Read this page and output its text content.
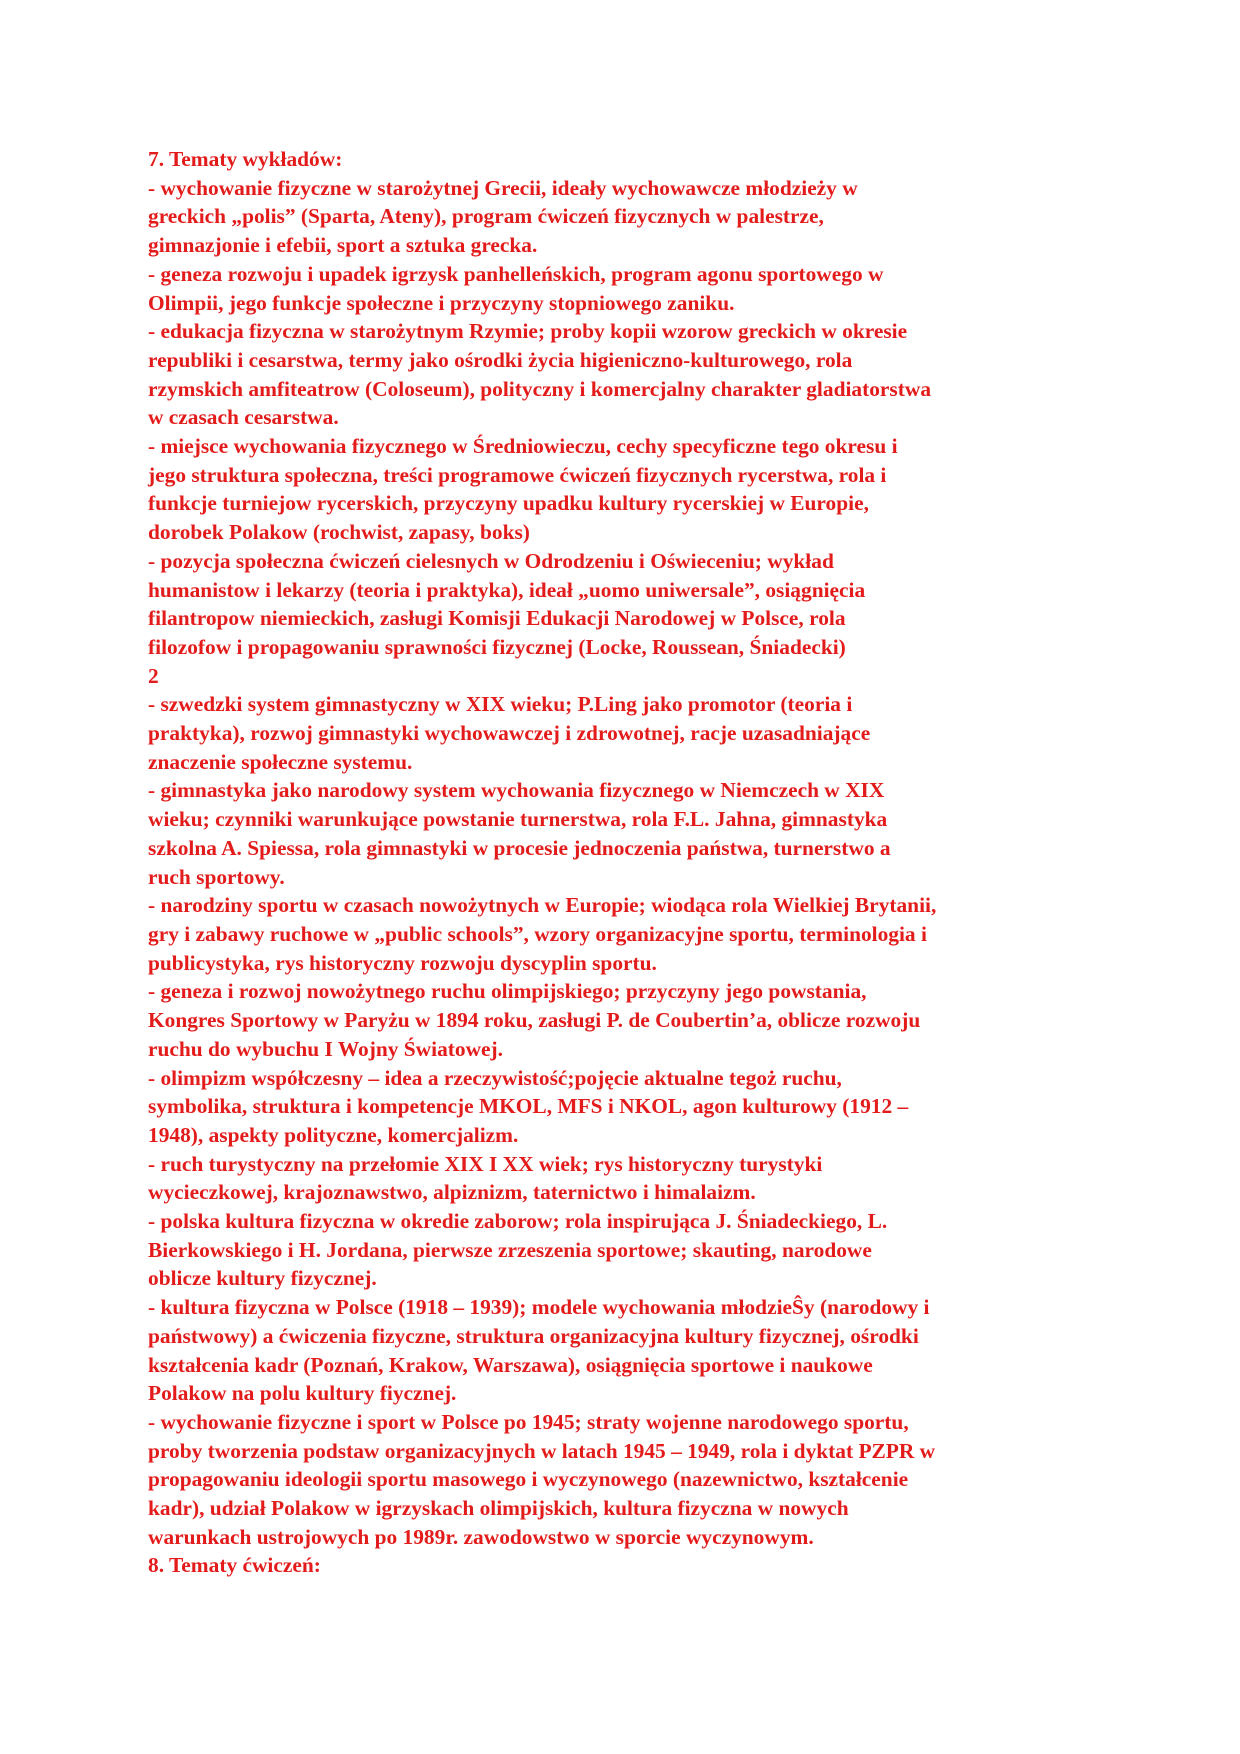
7. Tematy wykładów:
- wychowanie fizyczne w starożytnej Grecii, ideały wychowawcze młodzieży w
greckich „polis” (Sparta, Ateny), program ćwiczeń fizycznych w palestrze,
gimnazjonie i efebii, sport a sztuka grecka.
- geneza rozwoju i upadek igrzysk panhelleńskich, program agonu sportowego w
Olimpii, jego funkcje społeczne i przyczyny stopniowego zaniku.
- edukacja fizyczna w starożytnym Rzymie; proby kopii wzorow greckich w okresie
republiki i cesarstwa, termy jako ośrodki życia higieniczno-kulturowego, rola
rzymskich amfiteatrow (Coloseum), polityczny i komercjalny charakter gladiatorstwa
w czasach cesarstwa.
- miejsce wychowania fizycznego w Średniowieczu, cechy specyficzne tego okresu i
jego struktura społeczna, treści programowe ćwiczeń fizycznych rycerstwa, rola i
funkcje turniejow rycerskich, przyczyny upadku kultury rycerskiej w Europie,
dorobek Polakow (rochwist, zapasy, boks)
- pozycja społeczna ćwiczeń cielesnych w Odrodzeniu i Oświeceniu; wykład
humanistow i lekarzy (teoria i praktyka), ideał „uomo uniwersale”, osiągnięcia
filantropow niemieckich, zasługi Komisji Edukacji Narodowej w Polsce, rola
filozofow i propagowaniu sprawności fizycznej (Locke, Roussean, Śniadecki)
2
- szwedzki system gimnastyczny w XIX wieku; P.Ling jako promotor (teoria i
praktyka), rozwoj gimnastyki wychowawczej i zdrowotnej, racje uzasadniające
znaczenie społeczne systemu.
- gimnastyka jako narodowy system wychowania fizycznego w Niemczech w XIX
wieku; czynniki warunkujące powstanie turnerstwa, rola F.L. Jahna, gimnastyka
szkolna A. Spiessa, rola gimnastyki w procesie jednoczenia państwa, turnerstwo a
ruch sportowy.
- narodziny sportu w czasach nowożytnych w Europie; wiodąca rola Wielkiej Brytanii,
gry i zabawy ruchowe w „public schools”, wzory organizacyjne sportu, terminologia i
publicystyka, rys historyczny rozwoju dyscyplin sportu.
- geneza i rozwoj nowożytnego ruchu olimpijskiego; przyczyny jego powstania,
Kongres Sportowy w Paryżu w 1894 roku, zasługi P. de Coubertin’a, oblicze rozwoju
ruchu do wybuchu I Wojny Światowej.
- olimpizm współczesny – idea a rzeczywistość;pojęcie aktualne tegoż ruchu,
symbolika, struktura i kompetencje MKOL, MFS i NKOL, agon kulturowy (1912 –
1948), aspekty polityczne, komercjalizm.
- ruch turystyczny na przełomie XIX I XX wiek; rys historyczny turystyki
wycieczkowej, krajoznawstwo, alpiznizm, taternictwo i himalaizm.
- polska kultura fizyczna w okredie zaborow; rola inspirująca J. Śniadeckiego, L.
Bierkowskiego i H. Jordana, pierwsze zrzeszenia sportowe; skauting, narodowe
oblicze kultury fizycznej.
- kultura fizyczna w Polsce (1918 – 1939); modele wychowania młodzieŜy (narodowy i
państwowy) a ćwiczenia fizyczne, struktura organizacyjna kultury fizycznej, ośrodki
kształcenia kadr (Poznań, Krakow, Warszawa), osiągnięcia sportowe i naukowe
Polakow na polu kultury fiycznej.
- wychowanie fizyczne i sport w Polsce po 1945; straty wojenne narodowego sportu,
proby tworzenia podstaw organizacyjnych w latach 1945 – 1949, rola i dyktat PZPR w
propagowaniu ideologii sportu masowego i wyczynowego (nazewnictwo, kształcenie
kadr), udział Polakow w igrzyskach olimpijskich, kultura fizyczna w nowych
warunkach ustrojowych po 1989r. zawodowstwo w sporcie wyczynowym.
8. Tematy ćwiczeń:
